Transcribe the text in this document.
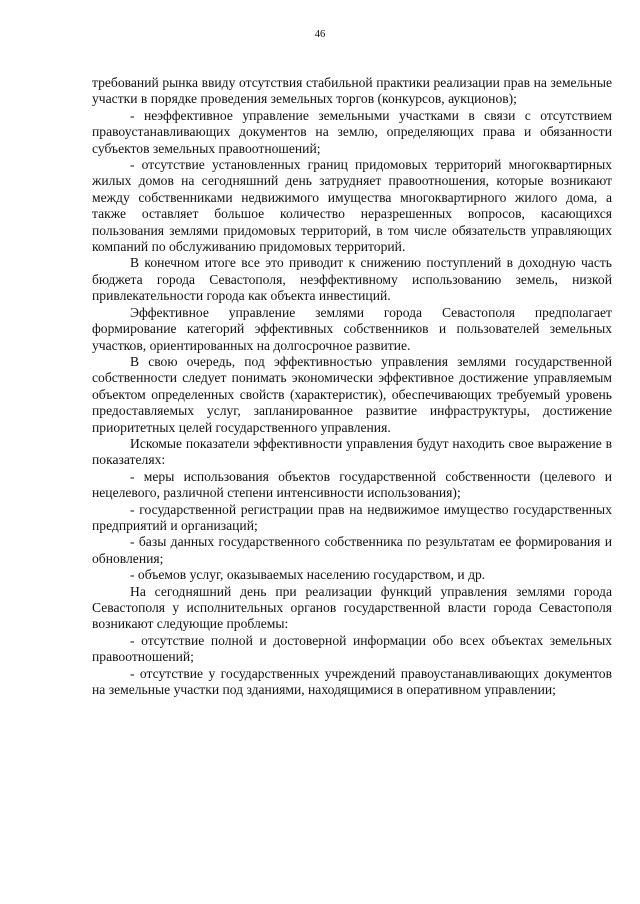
46

требований рынка ввиду отсутствия стабильной практики реализации прав на земельные участки в порядке проведения земельных торгов (конкурсов, аукционов);

- неэффективное управление земельными участками в связи с отсутствием правоустанавливающих документов на землю, определяющих права и обязанности субъектов земельных правоотношений;

- отсутствие установленных границ придомовых территорий многоквартирных жилых домов на сегодняшний день затрудняет правоотношения, которые возникают между собственниками недвижимого имущества многоквартирного жилого дома, а также оставляет большое количество неразрешенных вопросов, касающихся пользования землями придомовых территорий, в том числе обязательств управляющих компаний по обслуживанию придомовых территорий.

В конечном итоге все это приводит к снижению поступлений в доходную часть бюджета города Севастополя, неэффективному использованию земель, низкой привлекательности города как объекта инвестиций.

Эффективное управление землями города Севастополя предполагает формирование категорий эффективных собственников и пользователей земельных участков, ориентированных на долгосрочное развитие.

В свою очередь, под эффективностью управления землями государственной собственности следует понимать экономически эффективное достижение управляемым объектом определенных свойств (характеристик), обеспечивающих требуемый уровень предоставляемых услуг, запланированное развитие инфраструктуры, достижение приоритетных целей государственного управления.

Искомые показатели эффективности управления будут находить свое выражение в показателях:

- меры использования объектов государственной собственности (целевого и нецелевого, различной степени интенсивности использования);

- государственной регистрации прав на недвижимое имущество государственных предприятий и организаций;

- базы данных государственного собственника по результатам ее формирования и обновления;

- объемов услуг, оказываемых населению государством, и др.

На сегодняшний день при реализации функций управления землями города Севастополя у исполнительных органов государственной власти города Севастополя возникают следующие проблемы:

- отсутствие полной и достоверной информации обо всех объектах земельных правоотношений;

- отсутствие у государственных учреждений правоустанавливающих документов на земельные участки под зданиями, находящимися в оперативном управлении;
